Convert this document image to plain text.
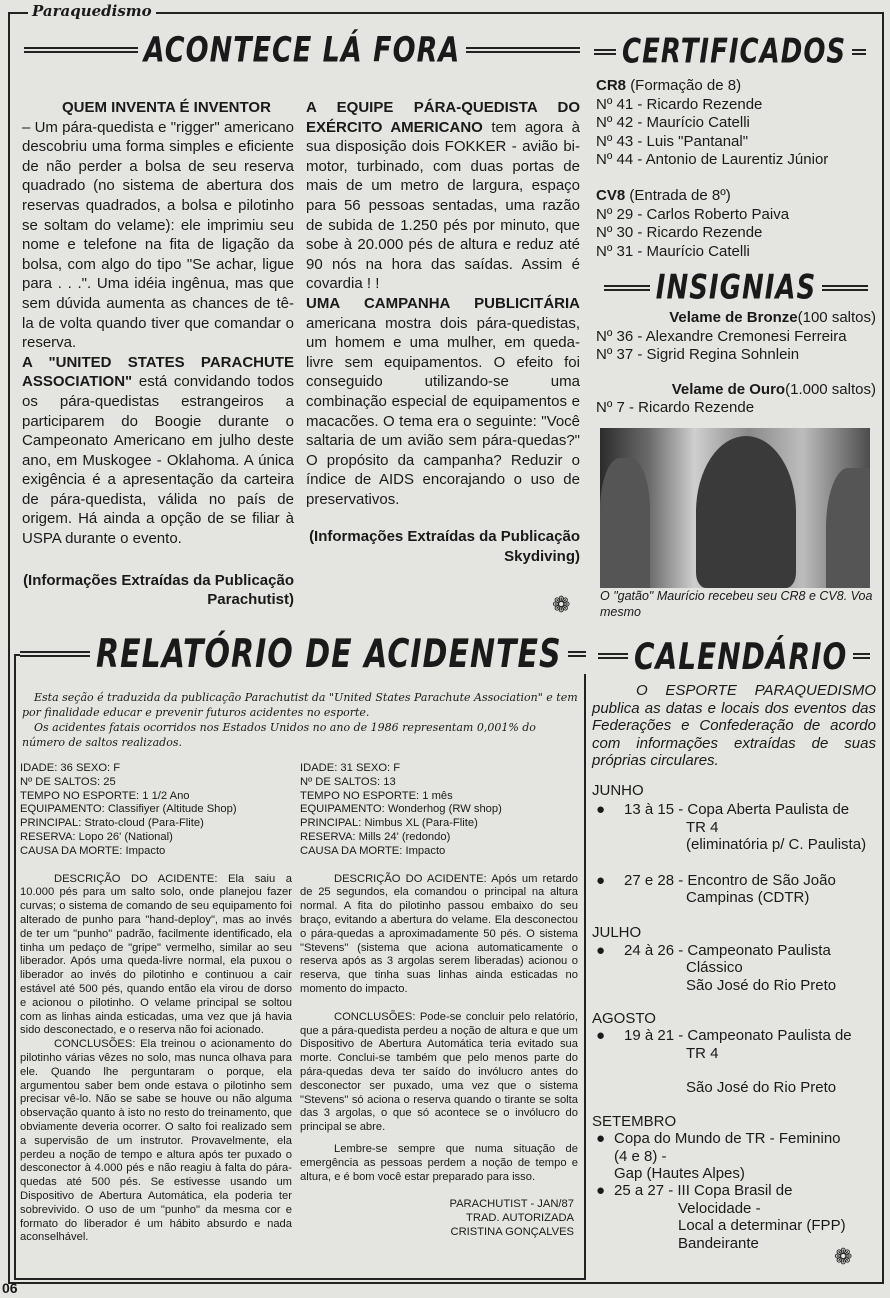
Paraquedismo
06
ACONTECE LÁ FORA

QUEM INVENTA É INVENTOR
– Um pára-quedista e "rigger" americano descobriu uma forma simples e eficiente de não perder a bolsa de seu reserva quadrado (no sistema de abertura dos reservas quadrados, a bolsa e pilotinho se soltam do velame): ele imprimiu seu nome e telefone na fita de ligação da bolsa, com algo do tipo "Se achar, ligue para . . .". Uma idéia ingênua, mas que sem dúvida aumenta as chances de tê-la de volta quando tiver que comandar o reserva.

A "UNITED STATES PARACHUTE ASSOCIATION" está convidando todos os pára-quedistas estrangeiros a participarem do Boogie durante o Campeonato Americano em julho deste ano, em Muskogee - Oklahoma. A única exigência é a apresentação da carteira de pára-quedista, válida no país de origem. Há ainda a opção de se filiar à USPA durante o evento.

(Informações Extraídas da Publicação Parachutist)

A EQUIPE PÁRA-QUEDISTA DO EXÉRCITO AMERICANO tem agora à sua disposição dois FOKKER - avião bi-motor, turbinado, com duas portas de mais de um metro de largura, espaço para 56 pessoas sentadas, uma razão de subida de 1.250 pés por minuto, que sobe à 20.000 pés de altura e reduz até 90 nós na hora das saídas. Assim é covardia ! !

UMA CAMPANHA PUBLICITÁRIA americana mostra dois pára-quedistas, um homem e uma mulher, em queda-livre sem equipamentos. O efeito foi conseguido utilizando-se uma combinação especial de equipamentos e macacões. O tema era o seguinte: "Você saltaria de um avião sem pára-quedas?" O propósito da campanha? Reduzir o índice de AIDS encorajando o uso de preservativos.

(Informações Extraídas da Publicação Skydiving)

❁
CERTIFICADOS

CR8 (Formação de 8)

Nº 41 - Ricardo Rezende

Nº 42 - Maurício Catelli

Nº 43 - Luis "Pantanal"

Nº 44 - Antonio de Laurentiz Júnior

CV8 (Entrada de 8º)

Nº 29 - Carlos Roberto Paiva

Nº 30 - Ricardo Rezende

Nº 31 - Maurício Catelli

INSIGNIAS

Velame de Bronze(100 saltos)

Nº 36 - Alexandre Cremonesi Ferreira

Nº 37 - Sigrid Regina Sohnlein

Velame de Ouro(1.000 saltos)

Nº 7 - Ricardo Rezende

O "gatão" Maurício recebeu seu CR8 e CV8. Voa mesmo
RELATÓRIO DE ACIDENTES

Esta seção é traduzida da publicação Parachutist da "United States Parachute Association" e tem por finalidade educar e prevenir futuros acidentes no esporte.

Os acidentes fatais ocorridos nos Estados Unidos no ano de 1986 representam 0,001% do número de saltos realizados.

IDADE: 36 SEXO: F

Nº DE SALTOS: 25

TEMPO NO ESPORTE: 1 1/2 Ano

EQUIPAMENTO: Classifiyer (Altitude Shop)

PRINCIPAL: Strato-cloud (Para-Flite)

RESERVA: Lopo 26' (National)

CAUSA DA MORTE: Impacto

DESCRIÇÃO DO ACIDENTE: Ela saiu a 10.000 pés para um salto solo, onde planejou fazer curvas; o sistema de comando de seu equipamento foi alterado de punho para "hand-deploy", mas ao invés de ter um "punho" padrão, facilmente identificado, ela tinha um pedaço de "gripe" vermelho, similar ao seu liberador. Após uma queda-livre normal, ela puxou o liberador ao invés do pilotinho e continuou a cair estável até 500 pés, quando então ela virou de dorso e acionou o pilotinho. O velame principal se soltou com as linhas ainda esticadas, uma vez que já havia sido desconectado, e o reserva não foi acionado.

CONCLUSÕES: Ela treinou o acionamento do pilotinho várias vêzes no solo, mas nunca olhava para ele. Quando lhe perguntaram o porque, ela argumentou saber bem onde estava o pilotinho sem precisar vê-lo. Não se sabe se houve ou não alguma observação quanto à isto no resto do treinamento, que obviamente deveria ocorrer. O salto foi realizado sem a supervisão de um instrutor. Provavelmente, ela perdeu a noção de tempo e altura após ter puxado o desconector à 4.000 pés e não reagiu à falta do pára-quedas até 500 pés. Se estivesse usando um Dispositivo de Abertura Automática, ela poderia ter sobrevivido. O uso de um "punho" da mesma cor e formato do liberador é um hábito absurdo e nada aconselhável.

IDADE: 31 SEXO: F

Nº DE SALTOS: 13

TEMPO NO ESPORTE: 1 mês

EQUIPAMENTO: Wonderhog (RW shop)

PRINCIPAL: Nimbus XL (Para-Flite)

RESERVA: Mills 24' (redondo)

CAUSA DA MORTE: Impacto

DESCRIÇÃO DO ACIDENTE: Após um retardo de 25 segundos, ela comandou o principal na altura normal. A fita do pilotinho passou embaixo do seu braço, evitando a abertura do velame. Ela desconectou o pára-quedas a aproximadamente 50 pés. O sistema "Stevens" (sistema que aciona automaticamente o reserva após as 3 argolas serem liberadas) acionou o reserva, que tinha suas linhas ainda esticadas no momento do impacto.

CONCLUSÕES: Pode-se concluir pelo relatório, que a pára-quedista perdeu a noção de altura e que um Dispositivo de Abertura Automática teria evitado sua morte. Conclui-se também que pelo menos parte do pára-quedas deva ter saído do invólucro antes do desconector ser puxado, uma vez que o sistema "Stevens" só aciona o reserva quando o tirante se solta das 3 argolas, o que só acontece se o invólucro do principal se abre.

Lembre-se sempre que numa situação de emergência as pessoas perdem a noção de tempo e altura, e é bom você estar preparado para isso.

PARACHUTIST - JAN/87

TRAD. AUTORIZADA

CRISTINA GONÇALVES

CALENDÁRIO
O ESPORTE PARAQUEDISMO publica as datas e locais dos eventos das Federações e Confederação de acordo com informações extraídas de suas próprias circulares.

JUNHO

● 13 à 15 - Copa Aberta Paulista de

TR 4

(eliminatória p/ C. Paulista)

● 27 e 28 - Encontro de São João

Campinas (CDTR)

JULHO

● 24 à 26 - Campeonato Paulista

Clássico

São José do Rio Preto

AGOSTO

● 19 à 21 - Campeonato Paulista de

TR 4

São José do Rio Preto

SETEMBRO

● Copa do Mundo de TR - Feminino

(4 e 8) -

Gap (Hautes Alpes)

● 25 a 27 - III Copa Brasil de

Velocidade -

Local a determinar (FPP)

Bandeirante

❁
